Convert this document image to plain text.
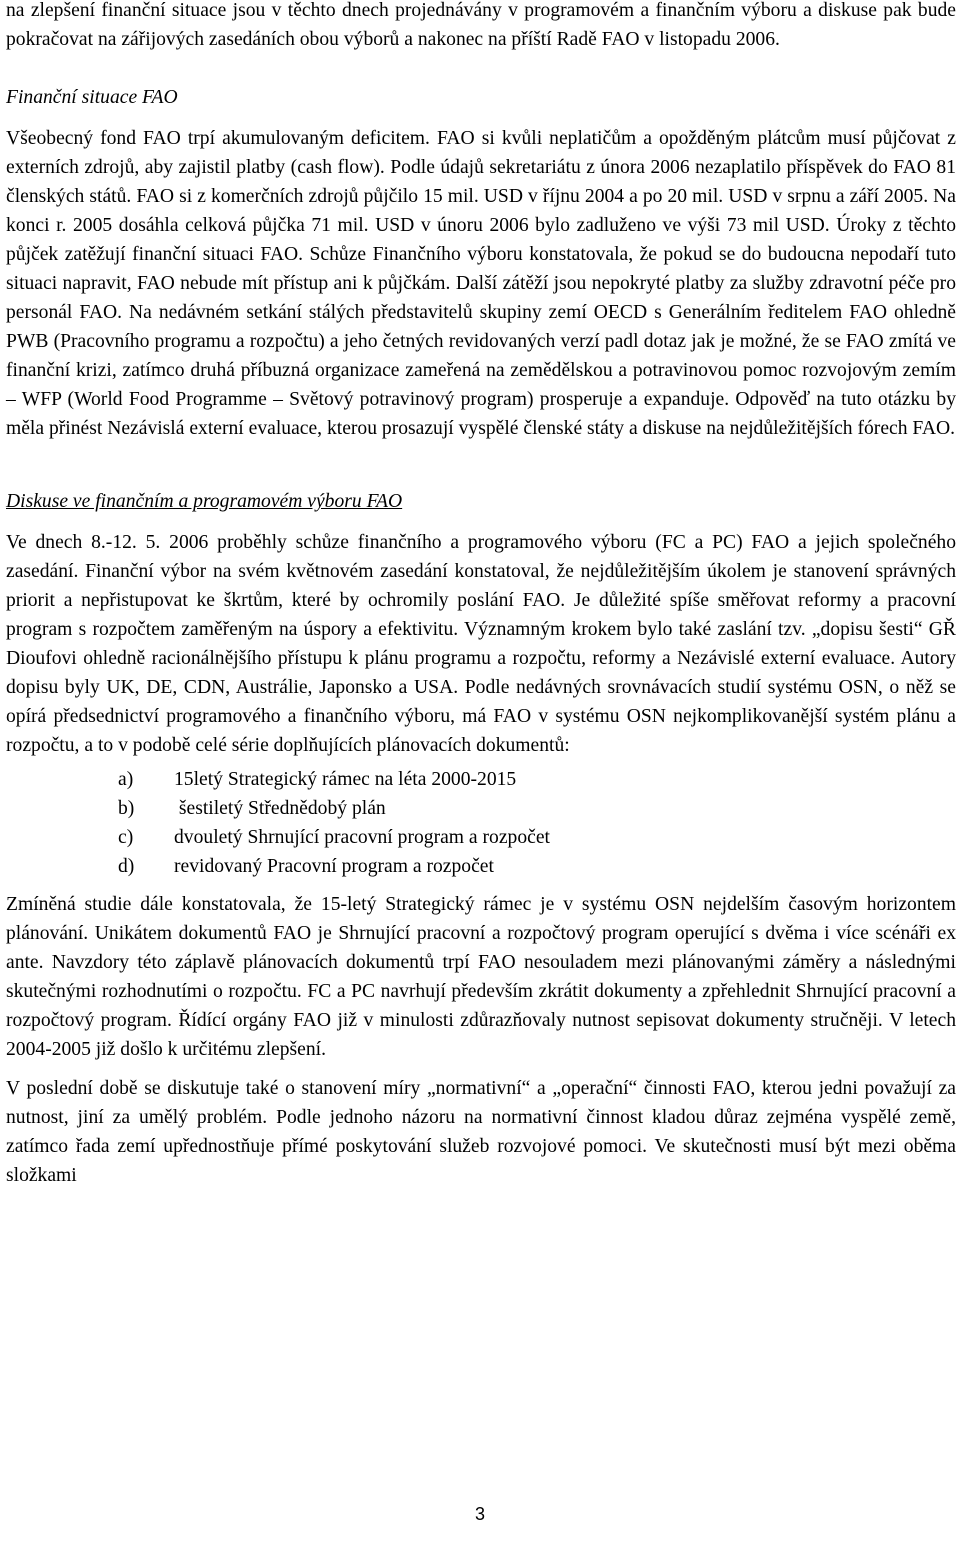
na zlepšení finanční situace jsou v těchto dnech projednávány v programovém a finančním výboru a diskuse pak bude pokračovat na zářijových zasedáních obou výborů a nakonec na příští Radě FAO v listopadu 2006.

Finanční situace FAO

Všeobecný fond FAO trpí akumulovaným deficitem. FAO si kvůli neplatičům a opožděným plátcům musí půjčovat z externích zdrojů, aby zajistil platby (cash flow). Podle údajů sekretariátu z února 2006 nezaplatilo příspěvek do FAO 81 členských států. FAO si z komerčních zdrojů půjčilo 15 mil. USD v říjnu 2004 a po 20 mil. USD v srpnu a září 2005. Na konci r. 2005 dosáhla celková půjčka 71 mil. USD v únoru 2006 bylo zadluženo ve výši 73 mil USD. Úroky z těchto půjček zatěžují finanční situaci FAO. Schůze Finančního výboru konstatovala, že pokud se do budoucna nepodaří tuto situaci napravit, FAO nebude mít přístup ani k půjčkám. Další zátěží jsou nepokryté platby za služby zdravotní péče pro personál FAO. Na nedávném setkání stálých představitelů skupiny zemí OECD s Generálním ředitelem FAO ohledně PWB (Pracovního programu a rozpočtu) a jeho četných revidovaných verzí padl dotaz jak je možné, že se FAO zmítá ve finanční krizi, zatímco druhá příbuzná organizace zameřená na zemědělskou a potravinovou pomoc rozvojovým zemím – WFP (World Food Programme – Světový potravinový program) prosperuje a expanduje. Odpověď na tuto otázku by měla přinést Nezávislá externí evaluace, kterou prosazují vyspělé členské státy a diskuse na nejdůležitějších fórech FAO.

Diskuse ve finančním a programovém výboru FAO

Ve dnech 8.-12. 5. 2006 proběhly schůze finančního a programového výboru (FC a PC) FAO a jejich společného zasedání. Finanční výbor na svém květnovém zasedání konstatoval, že nejdůležitějším úkolem je stanovení správných priorit a nepřistupovat ke škrtům, které by ochromily poslání FAO. Je důležité spíše směřovat reformy a pracovní program s rozpočtem zaměřeným na úspory a efektivitu. Významným krokem bylo také zaslání tzv. „dopisu šesti“ GŘ Dioufovi ohledně racionálnějšího přístupu k plánu programu a rozpočtu, reformy a Nezávislé externí evaluace. Autory dopisu byly UK, DE, CDN, Austrálie, Japonsko a USA. Podle nedávných srovnávacích studií systému OSN, o něž se opírá předsednictví programového a finančního výboru, má FAO v systému OSN nejkomplikovanější systém plánu a rozpočtu, a to v podobě celé série doplňujících plánovacích dokumentů:

a)	15letý Strategický rámec na léta 2000-2015
b)	šestiletý Střednědobý plán
c)	dvouletý Shrnující pracovní program a rozpočet
d)	revidovaný Pracovní program a rozpočet

Zmíněná studie dále konstatovala, že 15-letý Strategický rámec je v systému OSN nejdelším časovým horizontem plánování. Unikátem dokumentů FAO je Shrnující pracovní a rozpočtový program operující s dvěma i více scénáři ex ante. Navzdory této záplavě plánovacích dokumentů trpí FAO nesouladem mezi plánovanými záměry a následnými skutečnými rozhodnutími o rozpočtu. FC a PC navrhují především zkrátit dokumenty a zpřehlednit Shrnující pracovní a rozpočtový program. Řídící orgány FAO již v minulosti zdůrazňovaly nutnost sepisovat dokumenty stručněji. V letech 2004-2005 již došlo k určitému zlepšení.

V poslední době se diskutuje také o stanovení míry „normativní“ a „operační“ činnosti FAO, kterou jedni považují za nutnost, jiní za umělý problém. Podle jednoho názoru na normativní činnost kladou důraz zejména vyspělé země, zatímco řada zemí upřednostňuje přímé poskytování služeb rozvojové pomoci. Ve skutečnosti musí být mezi oběma složkami

3
